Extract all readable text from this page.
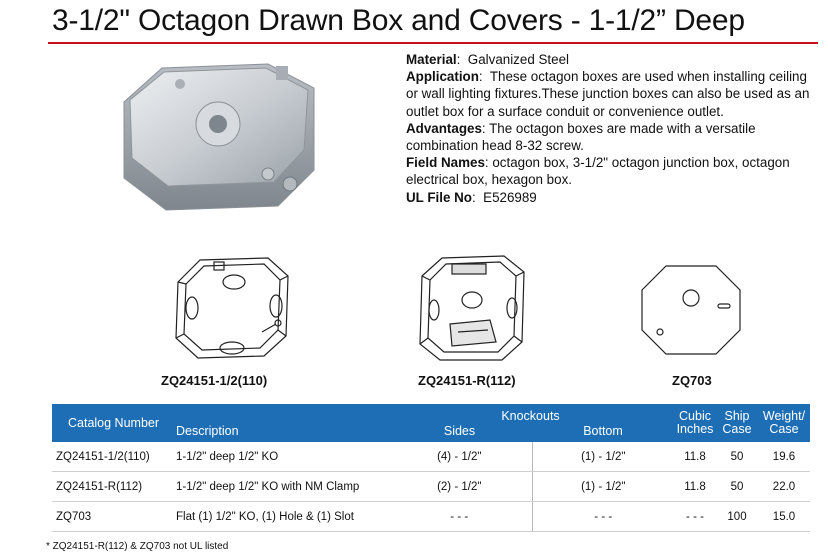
3-1/2" Octagon Drawn Box and Covers - 1-1/2” Deep
Material:  Galvanized Steel
Application:  These octagon boxes are used when installing ceiling or wall lighting fixtures.These junction boxes can also be used as an outlet box for a surface conduit or convenience outlet.
Advantages: The octagon boxes are made with a versatile combination head 8-32 screw.
Field Names: octagon box, 3-1/2" octagon junction box, octagon electrical box, hexagon box.
UL File No:  E526989
ZQ24151-1/2(110)	ZQ24151-R(112)	ZQ703
Catalog Number	Description	Knockouts		Cubic Inches	Ship Case	Weight/ Case
		Sides	Bottom			
ZQ24151-1/2(110)	1-1/2" deep 1/2" KO	(4) - 1/2"	(1) - 1/2"	11.8	50	19.6
ZQ24151-R(112)	1-1/2" deep 1/2" KO with NM Clamp	(2) - 1/2"	(1) - 1/2"	11.8	50	22.0
ZQ703	Flat (1) 1/2" KO, (1) Hole & (1) Slot	- - -	- - -	- - -	100	15.0
* ZQ24151-R(112) & ZQ703 not UL listed
